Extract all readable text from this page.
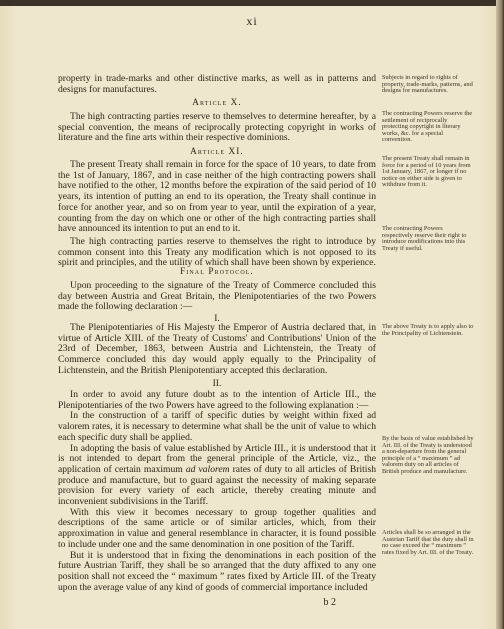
xi

property in trade-marks and other distinctive marks, as well as in patterns and designs for manufactures.

Subjects in regard to rights of property, trade-marks, patterns, and designs for manufactures.
Article X.

The high contracting parties reserve to themselves to determine hereafter, by a special convention, the means of reciprocally protecting copyright in works of literature and the fine arts within their respective dominions.

The contracting Powers reserve the settlement of reciprocally protecting copyright in literary works, &c. for a special convention.
Article XI.

The present Treaty shall remain in force for the space of 10 years, to date from the 1st of January, 1867, and in case neither of the high contracting powers shall have notified to the other, 12 months before the expiration of the said period of 10 years, its intention of putting an end to its operation, the Treaty shall continue in force for another year, and so on from year to year, until the expiration of a year, counting from the day on which one or other of the high contracting parties shall have announced its intention to put an end to it.

The high contracting parties reserve to themselves the right to introduce by common consent into this Treaty any modification which is not opposed to its spirit and principles, and the utility of which shall have been shown by experience.

The present Treaty shall remain in force for a period of 10 years from 1st January, 1867, or longer if no notice on either side is given to withdraw from it.
The contracting Powers respectively reserve their right to introduce modifications into this Treaty if useful.
Final Protocol.

Upon proceeding to the signature of the Treaty of Commerce concluded this day between Austria and Great Britain, the Plenipotentiaries of the two Powers made the following declaration :—

I.

The Plenipotentiaries of His Majesty the Emperor of Austria declared that, in virtue of Article XIII. of the Treaty of Customs' and Contributions' Union of the 23rd of December, 1863, between Austria and Lichtenstein, the Treaty of Commerce concluded this day would apply equally to the Principality of Lichtenstein, and the British Plenipotentiary accepted this declaration.

The above Treaty is to apply also to the Principality of Lichtenstein.
II.

In order to avoid any future doubt as to the intention of Article III., the Plenipotentiaries of the two Powers have agreed to the following explanation :—

In the construction of a tariff of specific duties by weight within fixed ad valorem rates, it is necessary to determine what shall be the unit of value to which each specific duty shall be applied.

In adopting the basis of value established by Article III., it is understood that it is not intended to depart from the general principle of the Article, viz., the application of certain maximum ad valorem rates of duty to all articles of British produce and manufacture, but to guard against the necessity of making separate provision for every variety of each article, thereby creating minute and inconvenient subdivisions in the Tariff.

With this view it becomes necessary to group together qualities and descriptions of the same article or of similar articles, which, from their approximation in value and general resemblance in character, it is found possible to include under one and the same denomination in one position of the Tariff.

But it is understood that in fixing the denominations in each position of the future Austrian Tariff, they shall be so arranged that the duty affixed to any one position shall not exceed the “ maximum ” rates fixed by Article III. of the Treaty upon the average value of any kind of goods of commercial importance included

By the basis of value established by Art. III. of the Treaty is understood a non-departure from the general principle of a “ maximum ” ad valorem duty on all articles of British produce and manufacture.
Articles shall be so arranged in the Austrian Tariff that the duty shall in no case exceed the “ maximum ” rates fixed by Art. III. of the Treaty.
b 2
